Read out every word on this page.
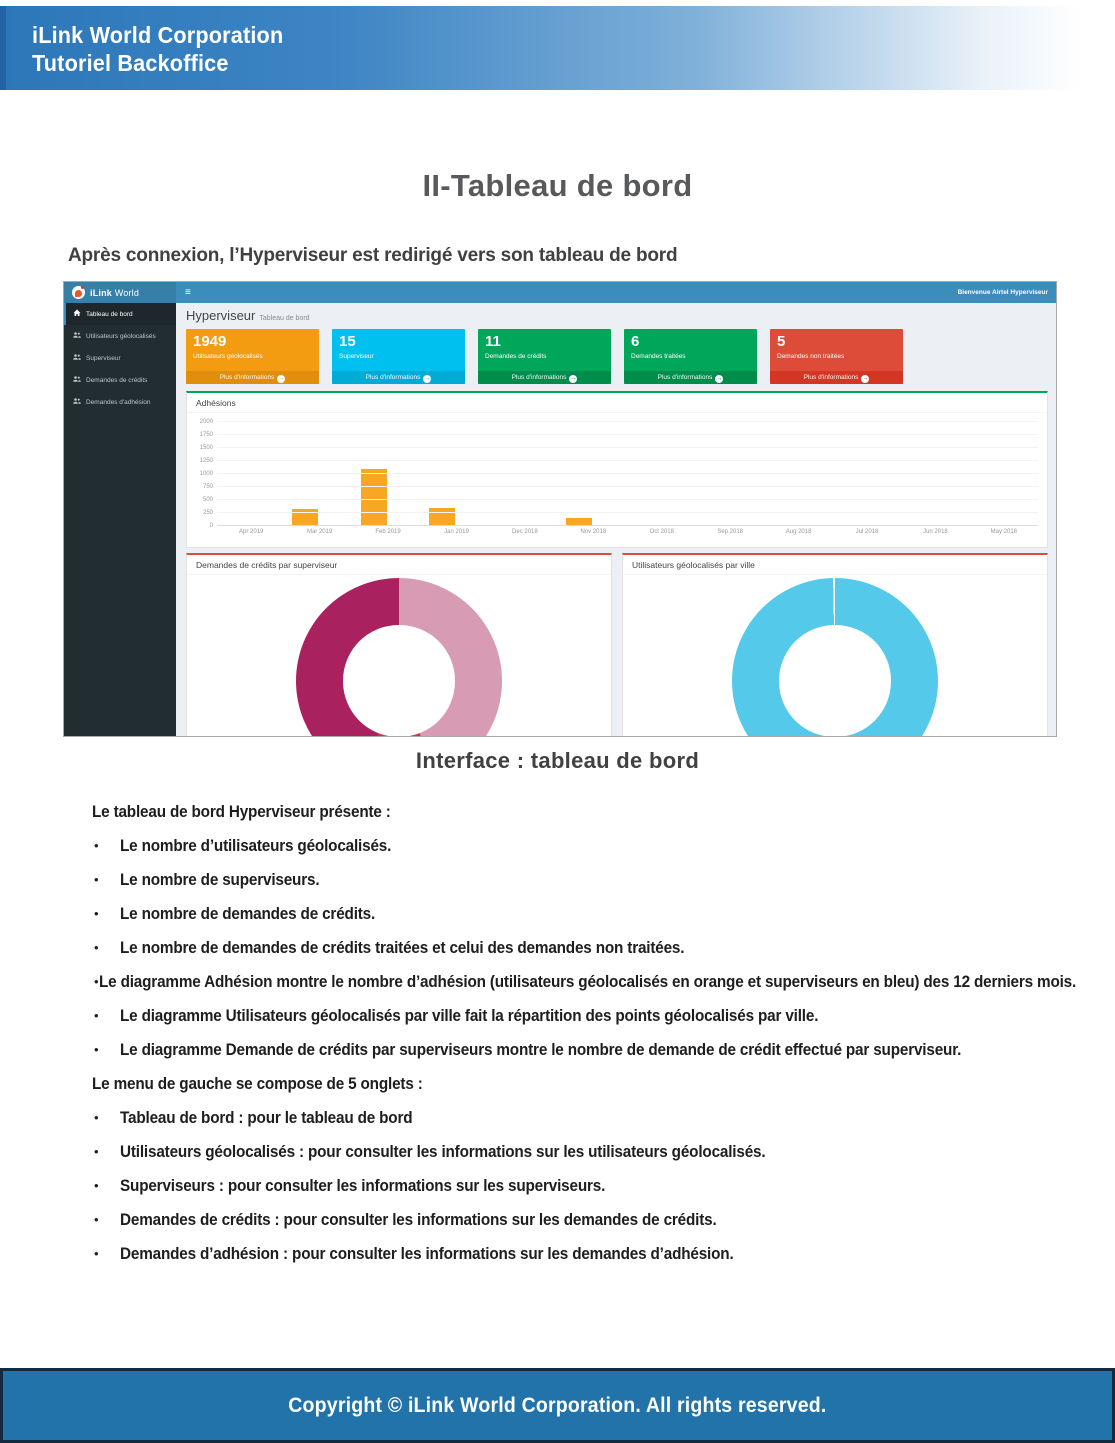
iLink World Corporation
Tutoriel Backoffice
II-Tableau de bord
Après connexion, l’Hyperviseur est redirigé vers son tableau de bord
iLink World	≡	Bienvenue Airtel Hyperviseur
Tableau de bord
Utilisateurs géolocalisés
Superviseur
Demandes de crédits
Demandes d'adhésion
Hyperviseur Tableau de bord
1949
Utilisateurs géolocalisés
Plus d'informations →
15
Superviseur
Plus d'informations →
11
Demandes de crédits
Plus d'informations →
6
Demandes traitées
Plus d'informations →
5
Demandes non traitées
Plus d'informations →
Adhésions
0
250
500
750
1000
1250
1500
1750
2000
Apr 2019	Mar 2019	Feb 2019	Jan 2019	Dec 2018	Nov 2018	Oct 2018	Sep 2018	Aug 2018	Jul 2018	Jun 2018	May 2018
Demandes de crédits par superviseur	Utilisateurs géolocalisés par ville
Interface : tableau de bord
Le tableau de bord Hyperviseur présente :
•	Le nombre d’utilisateurs géolocalisés.
•	Le nombre de superviseurs.
•	Le nombre de demandes de crédits.
•	Le nombre de demandes de crédits traitées et celui des demandes non traitées.
• Le diagramme Adhésion montre le nombre d’adhésion (utilisateurs géolocalisés en orange et superviseurs en bleu) des 12 derniers mois.
•	Le diagramme Utilisateurs géolocalisés par ville fait la répartition des points géolocalisés par ville.
•	Le diagramme Demande de crédits par superviseurs montre le nombre de demande de crédit effectué par superviseur.
Le menu de gauche se compose de 5 onglets :
•	Tableau de bord : pour le tableau de bord
•	Utilisateurs géolocalisés : pour consulter les informations sur les utilisateurs géolocalisés.
•	Superviseurs : pour consulter les informations sur les superviseurs.
•	Demandes de crédits : pour consulter les informations sur les demandes de crédits.
•	Demandes d’adhésion : pour consulter les informations sur les demandes d’adhésion.
Copyright © iLink World Corporation. All rights reserved.
